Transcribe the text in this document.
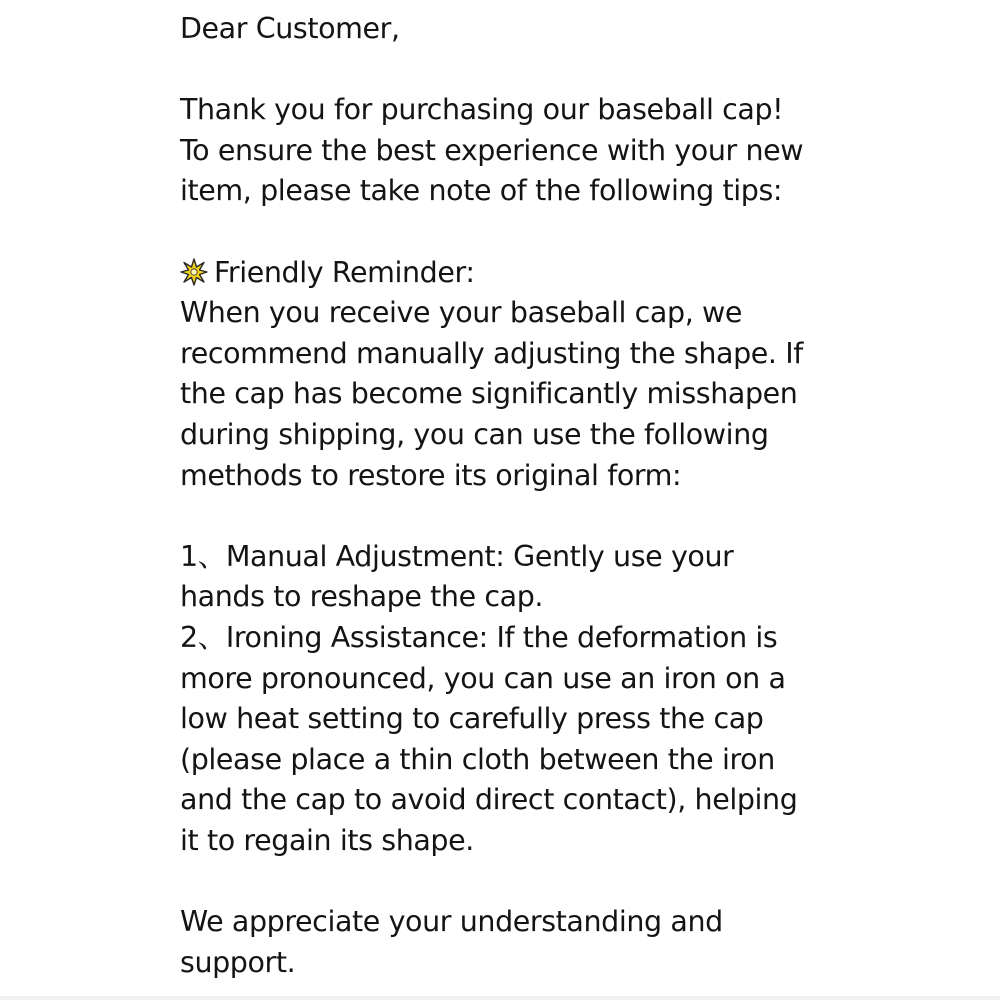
Dear Customer,
Thank you for purchasing our baseball cap!
To ensure the best experience with your new
item, please take note of the following tips:
Friendly Reminder:
When you receive your baseball cap, we
recommend manually adjusting the shape. If
the cap has become significantly misshapen
during shipping, you can use the following
methods to restore its original form:
1、Manual Adjustment: Gently use your
hands to reshape the cap.
2、Ironing Assistance: If the deformation is
more pronounced, you can use an iron on a
low heat setting to carefully press the cap
(please place a thin cloth between the iron
and the cap to avoid direct contact), helping
it to regain its shape.
We appreciate your understanding and
support.
